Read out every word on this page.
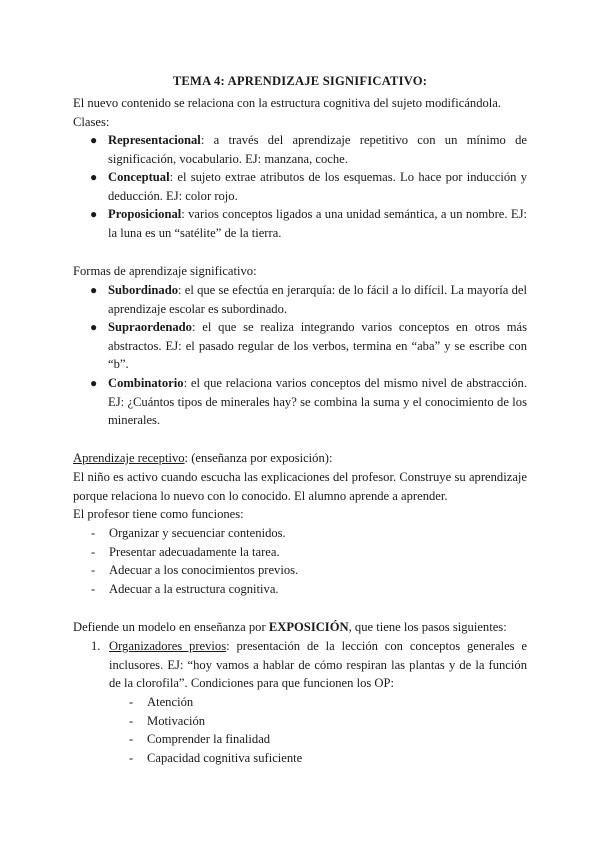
TEMA 4: APRENDIZAJE SIGNIFICATIVO:
El nuevo contenido se relaciona con la estructura cognitiva del sujeto modificándola.
Clases:
● Representacional: a través del aprendizaje repetitivo con un mínimo de significación, vocabulario. EJ: manzana, coche.
● Conceptual: el sujeto extrae atributos de los esquemas. Lo hace por inducción y deducción. EJ: color rojo.
● Proposicional: varios conceptos ligados a una unidad semántica, a un nombre. EJ: la luna es un “satélite” de la tierra.
Formas de aprendizaje significativo:
● Subordinado: el que se efectúa en jerarquía: de lo fácil a lo difícil. La mayoría del aprendizaje escolar es subordinado.
● Supraordenado: el que se realiza integrando varios conceptos en otros más abstractos. EJ: el pasado regular de los verbos, termina en “aba” y se escribe con “b”.
● Combinatorio: el que relaciona varios conceptos del mismo nivel de abstracción. EJ: ¿Cuántos tipos de minerales hay? se combina la suma y el conocimiento de los minerales.
Aprendizaje receptivo: (enseñanza por exposición):
El niño es activo cuando escucha las explicaciones del profesor. Construye su aprendizaje porque relaciona lo nuevo con lo conocido. El alumno aprende a aprender.
El profesor tiene como funciones:
- Organizar y secuenciar contenidos.
- Presentar adecuadamente la tarea.
- Adecuar a los conocimientos previos.
- Adecuar a la estructura cognitiva.
Defiende un modelo en enseñanza por EXPOSICIÓN, que tiene los pasos siguientes:
1. Organizadores previos: presentación de la lección con conceptos generales e inclusores. EJ: “hoy vamos a hablar de cómo respiran las plantas y de la función de la clorofila”. Condiciones para que funcionen los OP:
- Atención
- Motivación
- Comprender la finalidad
- Capacidad cognitiva suficiente
